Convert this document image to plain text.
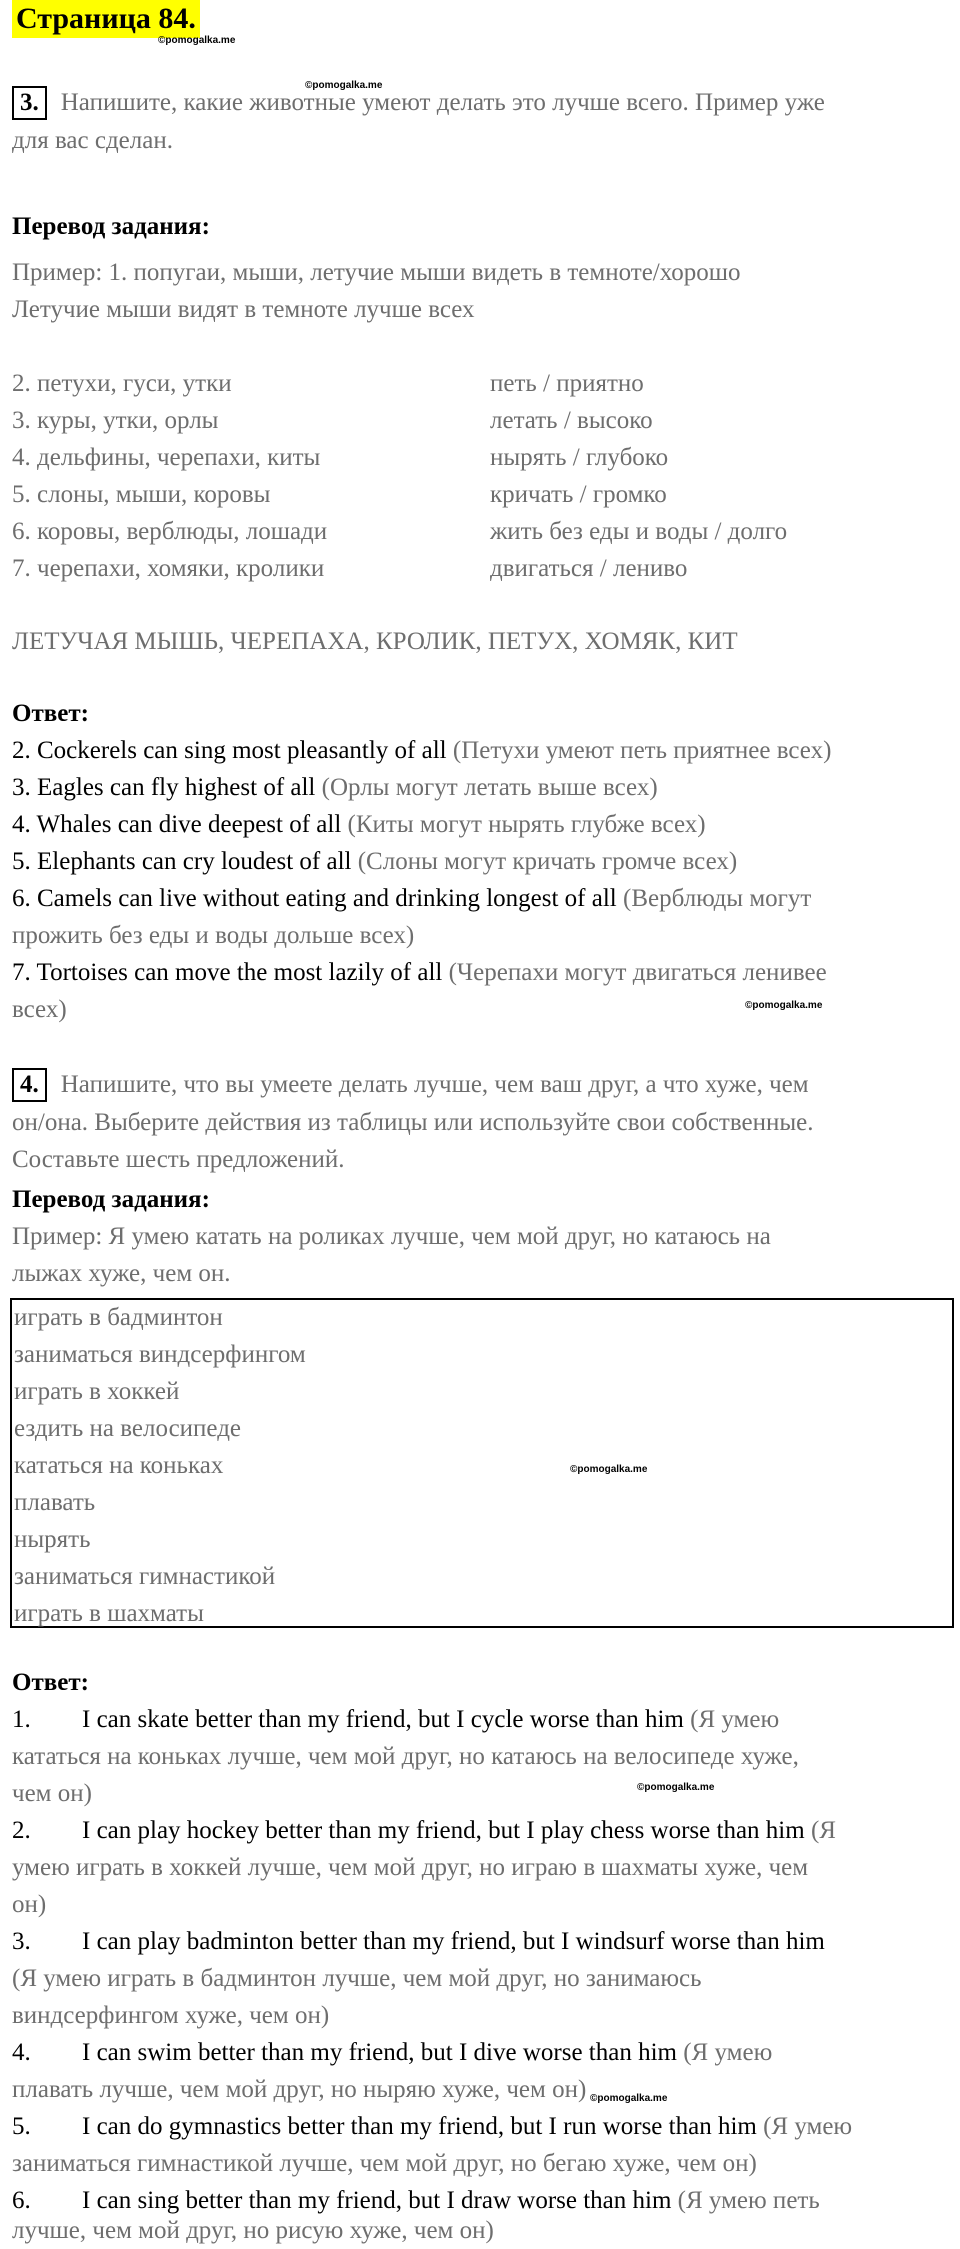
Страница 84.
©pomogalka.me
©pomogalka.me
3. Напишите, какие животные умеют делать это лучше всего. Пример уже
для вас сделан.
Перевод задания:
Пример: 1. попугаи, мыши, летучие мыши видеть в темноте/хорошо
Летучие мыши видят в темноте лучше всех
2. петухи, гуси, утки	петь / приятно
3. куры, утки, орлы	летать / высоко
4. дельфины, черепахи, киты	нырять / глубоко
5. слоны, мыши, коровы	кричать / громко
6. коровы, верблюды, лошади	жить без еды и воды / долго
7. черепахи, хомяки, кролики	двигаться / лениво
ЛЕТУЧАЯ МЫШЬ, ЧЕРЕПАХА, КРОЛИК, ПЕТУХ, ХОМЯК, КИТ
Ответ:
2. Cockerels can sing most pleasantly of all (Петухи умеют петь приятнее всех)
3. Eagles can fly highest of all (Орлы могут летать выше всех)
4. Whales can dive deepest of all (Киты могут нырять глубже всех)
5. Elephants can cry loudest of all (Слоны могут кричать громче всех)
6. Camels can live without eating and drinking longest of all (Верблюды могут
прожить без еды и воды дольше всех)
7. Tortoises can move the most lazily of all (Черепахи могут двигаться ленивее
всех)	©pomogalka.me
4. Напишите, что вы умеете делать лучше, чем ваш друг, а что хуже, чем
он/она. Выберите действия из таблицы или используйте свои собственные.
Составьте шесть предложений.
Перевод задания:
Пример: Я умею катать на роликах лучше, чем мой друг, но катаюсь на
лыжах хуже, чем он.
играть в бадминтон
заниматься виндсерфингом
играть в хоккей
ездить на велосипеде
кататься на коньках
плавать
нырять
заниматься гимнастикой
играть в шахматы
©pomogalka.me
Ответ:
1. I can skate better than my friend, but I cycle worse than him (Я умею
кататься на коньках лучше, чем мой друг, но катаюсь на велосипеде хуже,
чем он)	©pomogalka.me
2. I can play hockey better than my friend, but I play chess worse than him (Я
умею играть в хоккей лучше, чем мой друг, но играю в шахматы хуже, чем
он)
3. I can play badminton better than my friend, but I windsurf worse than him
(Я умею играть в бадминтон лучше, чем мой друг, но занимаюсь
виндсерфингом хуже, чем он)
4. I can swim better than my friend, but I dive worse than him (Я умею
плавать лучше, чем мой друг, но ныряю хуже, чем он) ©pomogalka.me
5. I can do gymnastics better than my friend, but I run worse than him (Я умею
заниматься гимнастикой лучше, чем мой друг, но бегаю хуже, чем он)
6. I can sing better than my friend, but I draw worse than him (Я умею петь
лучше, чем мой друг, но рисую хуже, чем он)
